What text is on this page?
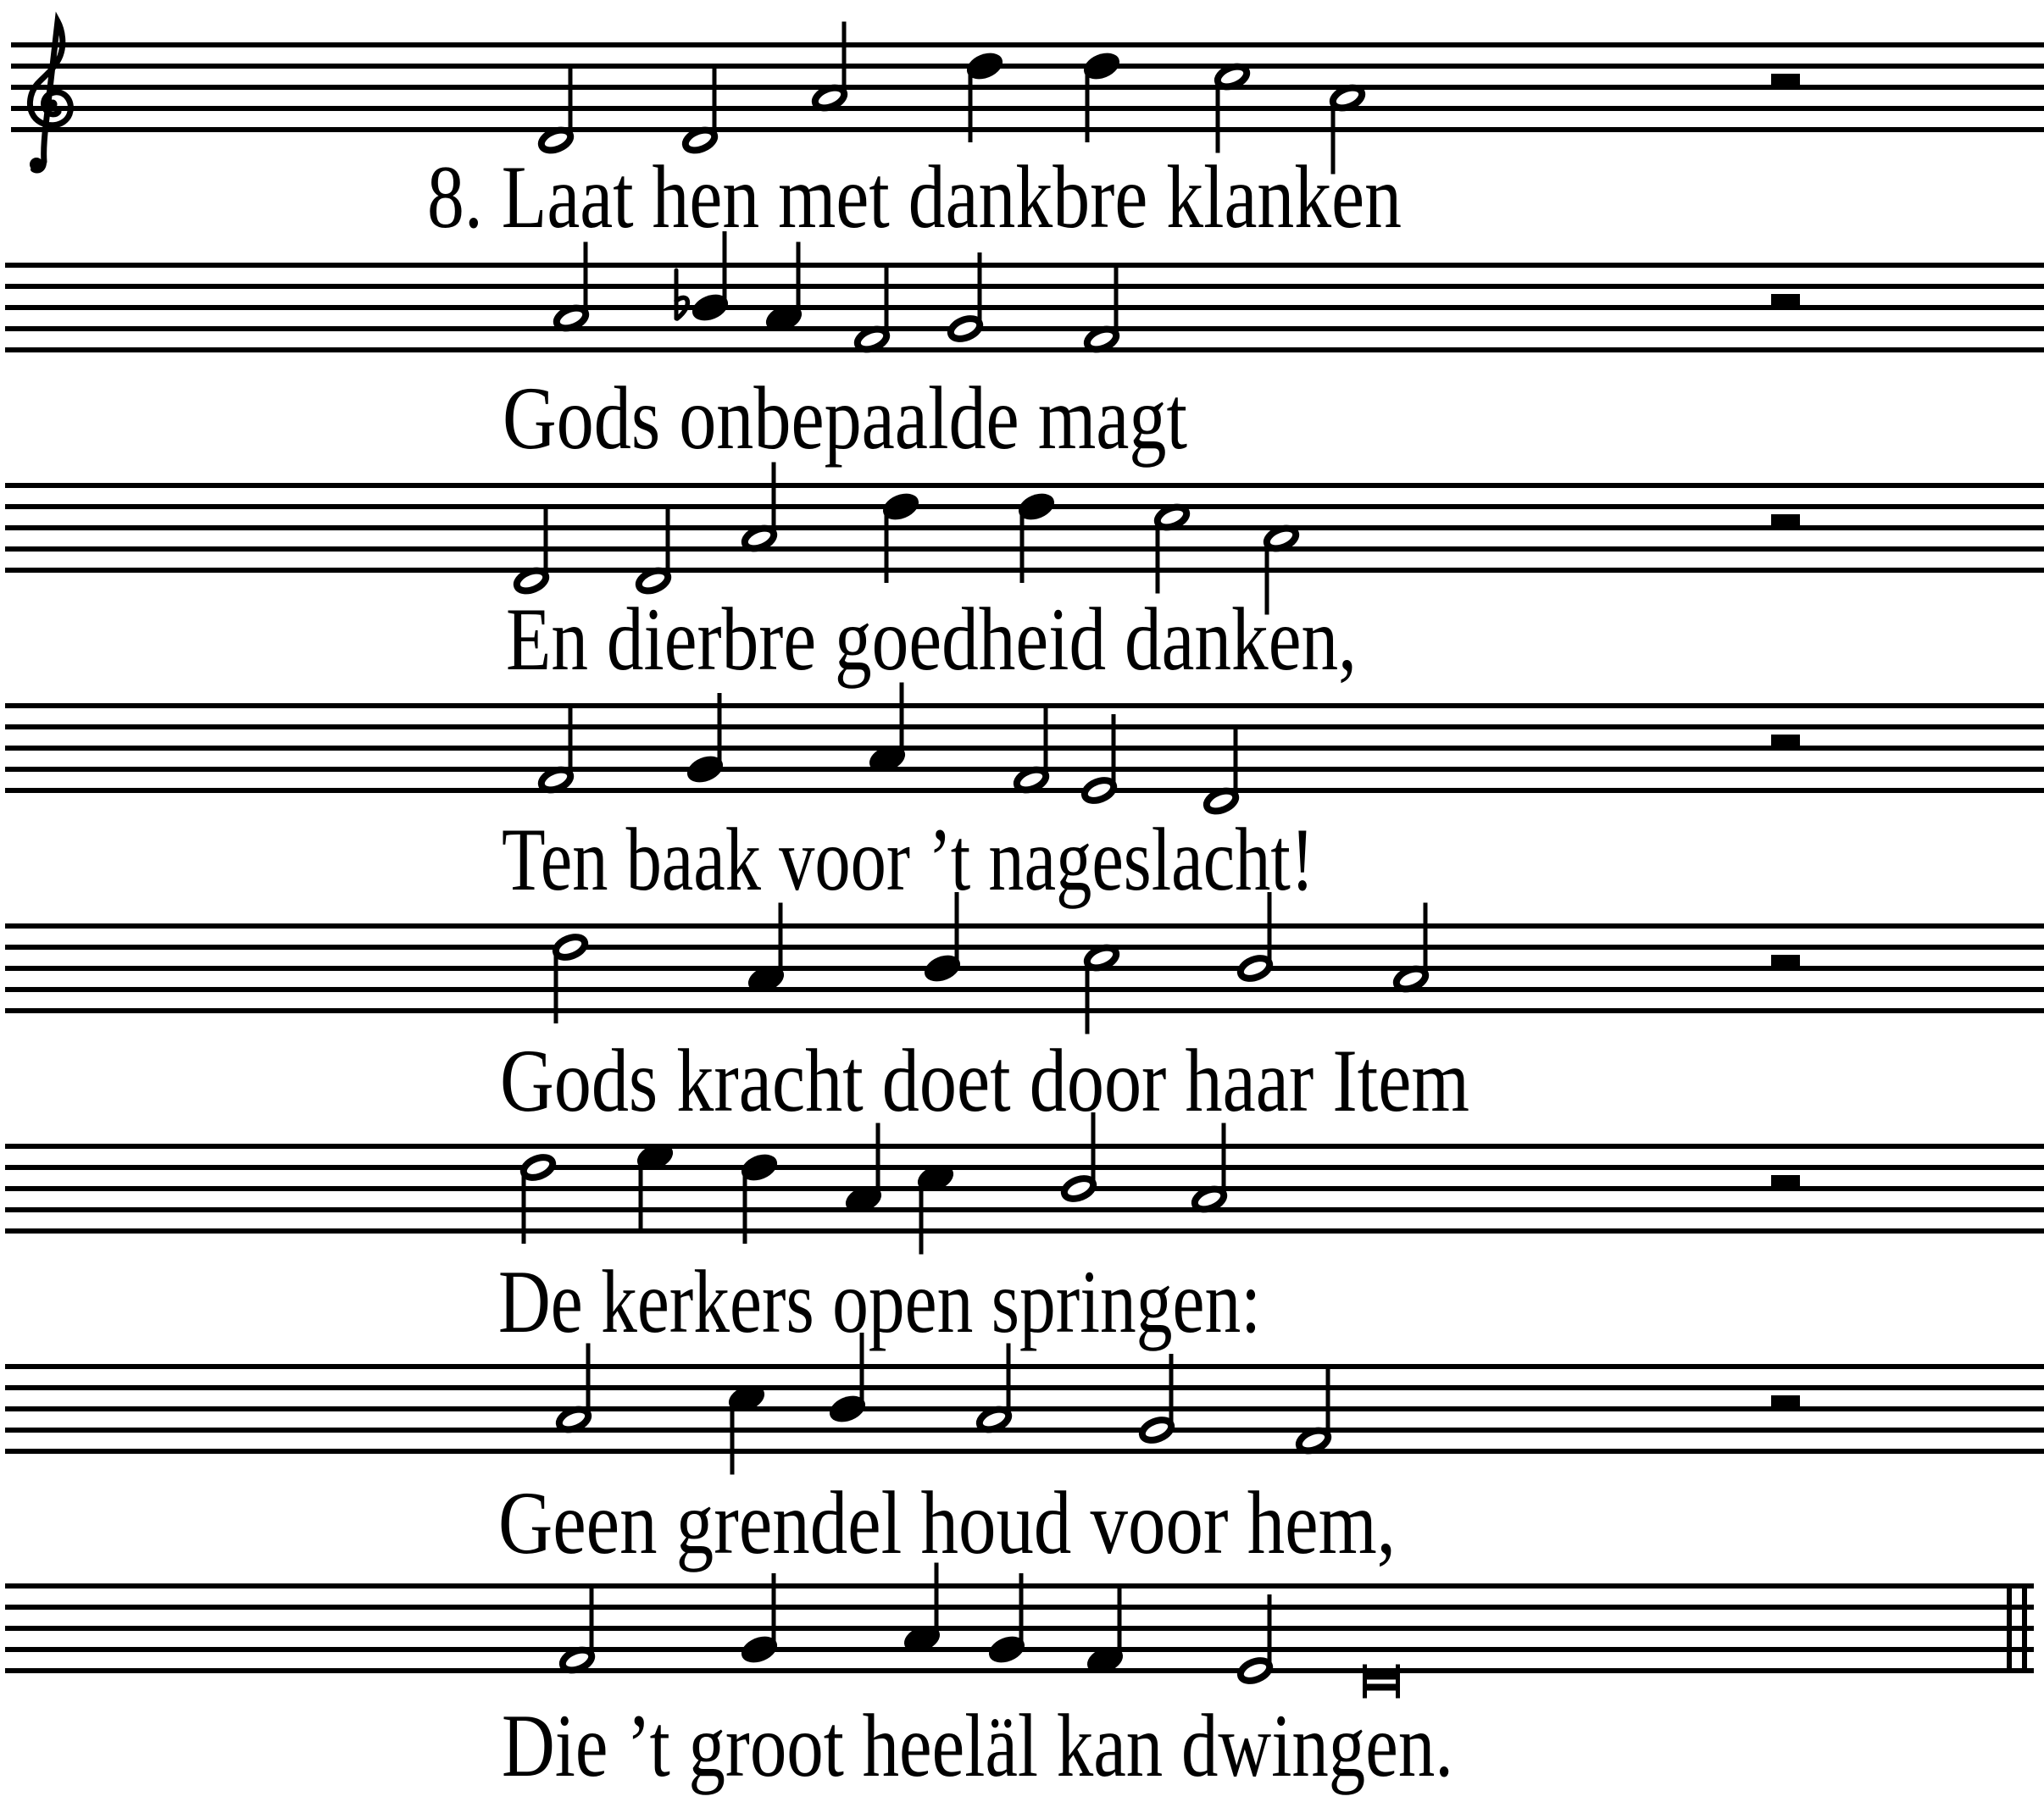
8. Laat hen met dankbre klanken
Gods onbepaalde magt
En dierbre goedheid danken,
Ten baak voor ’t nageslacht!
Gods kracht doet door haar Item
De kerkers open springen:
Geen grendel houd voor hem,
Die ’t groot heeläl kan dwingen.
